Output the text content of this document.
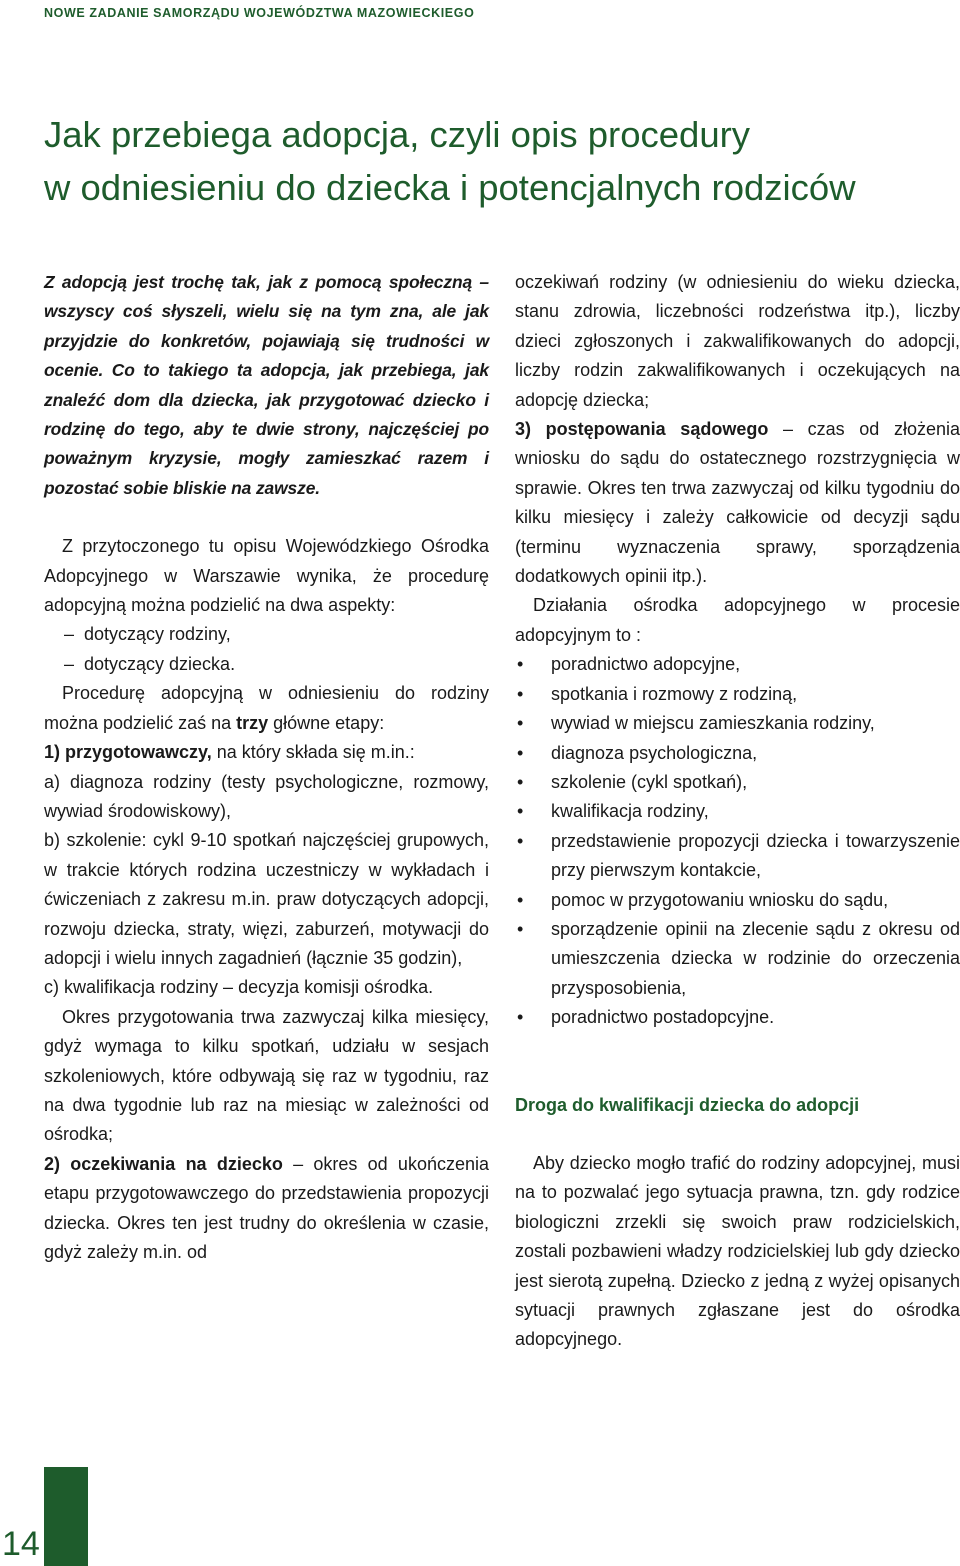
NOWE ZADANIE SAMORZĄDU WOJEWÓDZTWA MAZOWIECKIEGO
Jak przebiega adopcja, czyli opis procedury
w odniesieniu do dziecka i potencjalnych rodziców

Z adopcją jest trochę tak, jak z pomocą społeczną – wszyscy coś słyszeli, wielu się na tym zna, ale jak przyjdzie do konkretów, pojawiają się trudności w ocenie. Co to takiego ta adopcja, jak przebiega, jak znaleźć dom dla dziecka, jak przygotować dziecko i rodzinę do tego, aby te dwie strony, najczęściej po poważnym kryzysie, mogły zamieszkać razem i pozostać sobie bliskie na zawsze.

Z przytoczonego tu opisu Wojewódzkiego Ośrodka Adopcyjnego w Warszawie wynika, że procedurę adopcyjną można podzielić na dwa aspekty:

– dotyczący rodziny,

– dotyczący dziecka.

Procedurę adopcyjną w odniesieniu do rodziny można podzielić zaś na trzy główne etapy:

1) przygotowawczy, na który składa się m.in.:

a) diagnoza rodziny (testy psychologiczne, rozmowy, wywiad środowiskowy),

b) szkolenie: cykl 9-10 spotkań najczęściej grupowych, w trakcie których rodzina uczestniczy w wykładach i ćwiczeniach z zakresu m.in. praw dotyczących adopcji, rozwoju dziecka, straty, więzi, zaburzeń, motywacji do adopcji i wielu innych zagadnień (łącznie 35 godzin),

c) kwalifikacja rodziny – decyzja komisji ośrodka.

Okres przygotowania trwa zazwyczaj kilka miesięcy, gdyż wymaga to kilku spotkań, udziału w sesjach szkoleniowych, które odbywają się raz w tygodniu, raz na dwa tygodnie lub raz na miesiąc w zależności od ośrodka;

2) oczekiwania na dziecko – okres od ukończenia etapu przygotowawczego do przedstawienia propozycji dziecka. Okres ten jest trudny do określenia w czasie, gdyż zależy m.in. od

oczekiwań rodziny (w odniesieniu do wieku dziecka, stanu zdrowia, liczebności rodzeństwa itp.), liczby dzieci zgłoszonych i zakwalifikowanych do adopcji, liczby rodzin zakwalifikowanych i oczekujących na adopcję dziecka;

3) postępowania sądowego – czas od złożenia wniosku do sądu do ostatecznego rozstrzygnięcia w sprawie. Okres ten trwa zazwyczaj od kilku tygodniu do kilku miesięcy i zależy całkowicie od decyzji sądu (terminu wyznaczenia sprawy, sporządzenia dodatkowych opinii itp.).

Działania ośrodka adopcyjnego w procesie adopcyjnym to :

• poradnictwo adopcyjne,
• spotkania i rozmowy z rodziną,
• wywiad w miejscu zamieszkania rodziny,
• diagnoza psychologiczna,
• szkolenie (cykl spotkań),
• kwalifikacja rodziny,
• przedstawienie propozycji dziecka i towarzyszenie przy pierwszym kontakcie,
• pomoc w przygotowaniu wniosku do sądu,
• sporządzenie opinii na zlecenie sądu z okresu od umieszczenia dziecka w rodzinie do orzeczenia przysposobienia,
• poradnictwo postadopcyjne.
Droga do kwalifikacji dziecka do adopcji

Aby dziecko mogło trafić do rodziny adopcyjnej, musi na to pozwalać jego sytuacja prawna, tzn. gdy rodzice biologiczni zrzekli się swoich praw rodzicielskich, zostali pozbawieni władzy rodzicielskiej lub gdy dziecko jest sierotą zupełną. Dziecko z jedną z wyżej opisanych sytuacji prawnych zgłaszane jest do ośrodka adopcyjnego.

14
